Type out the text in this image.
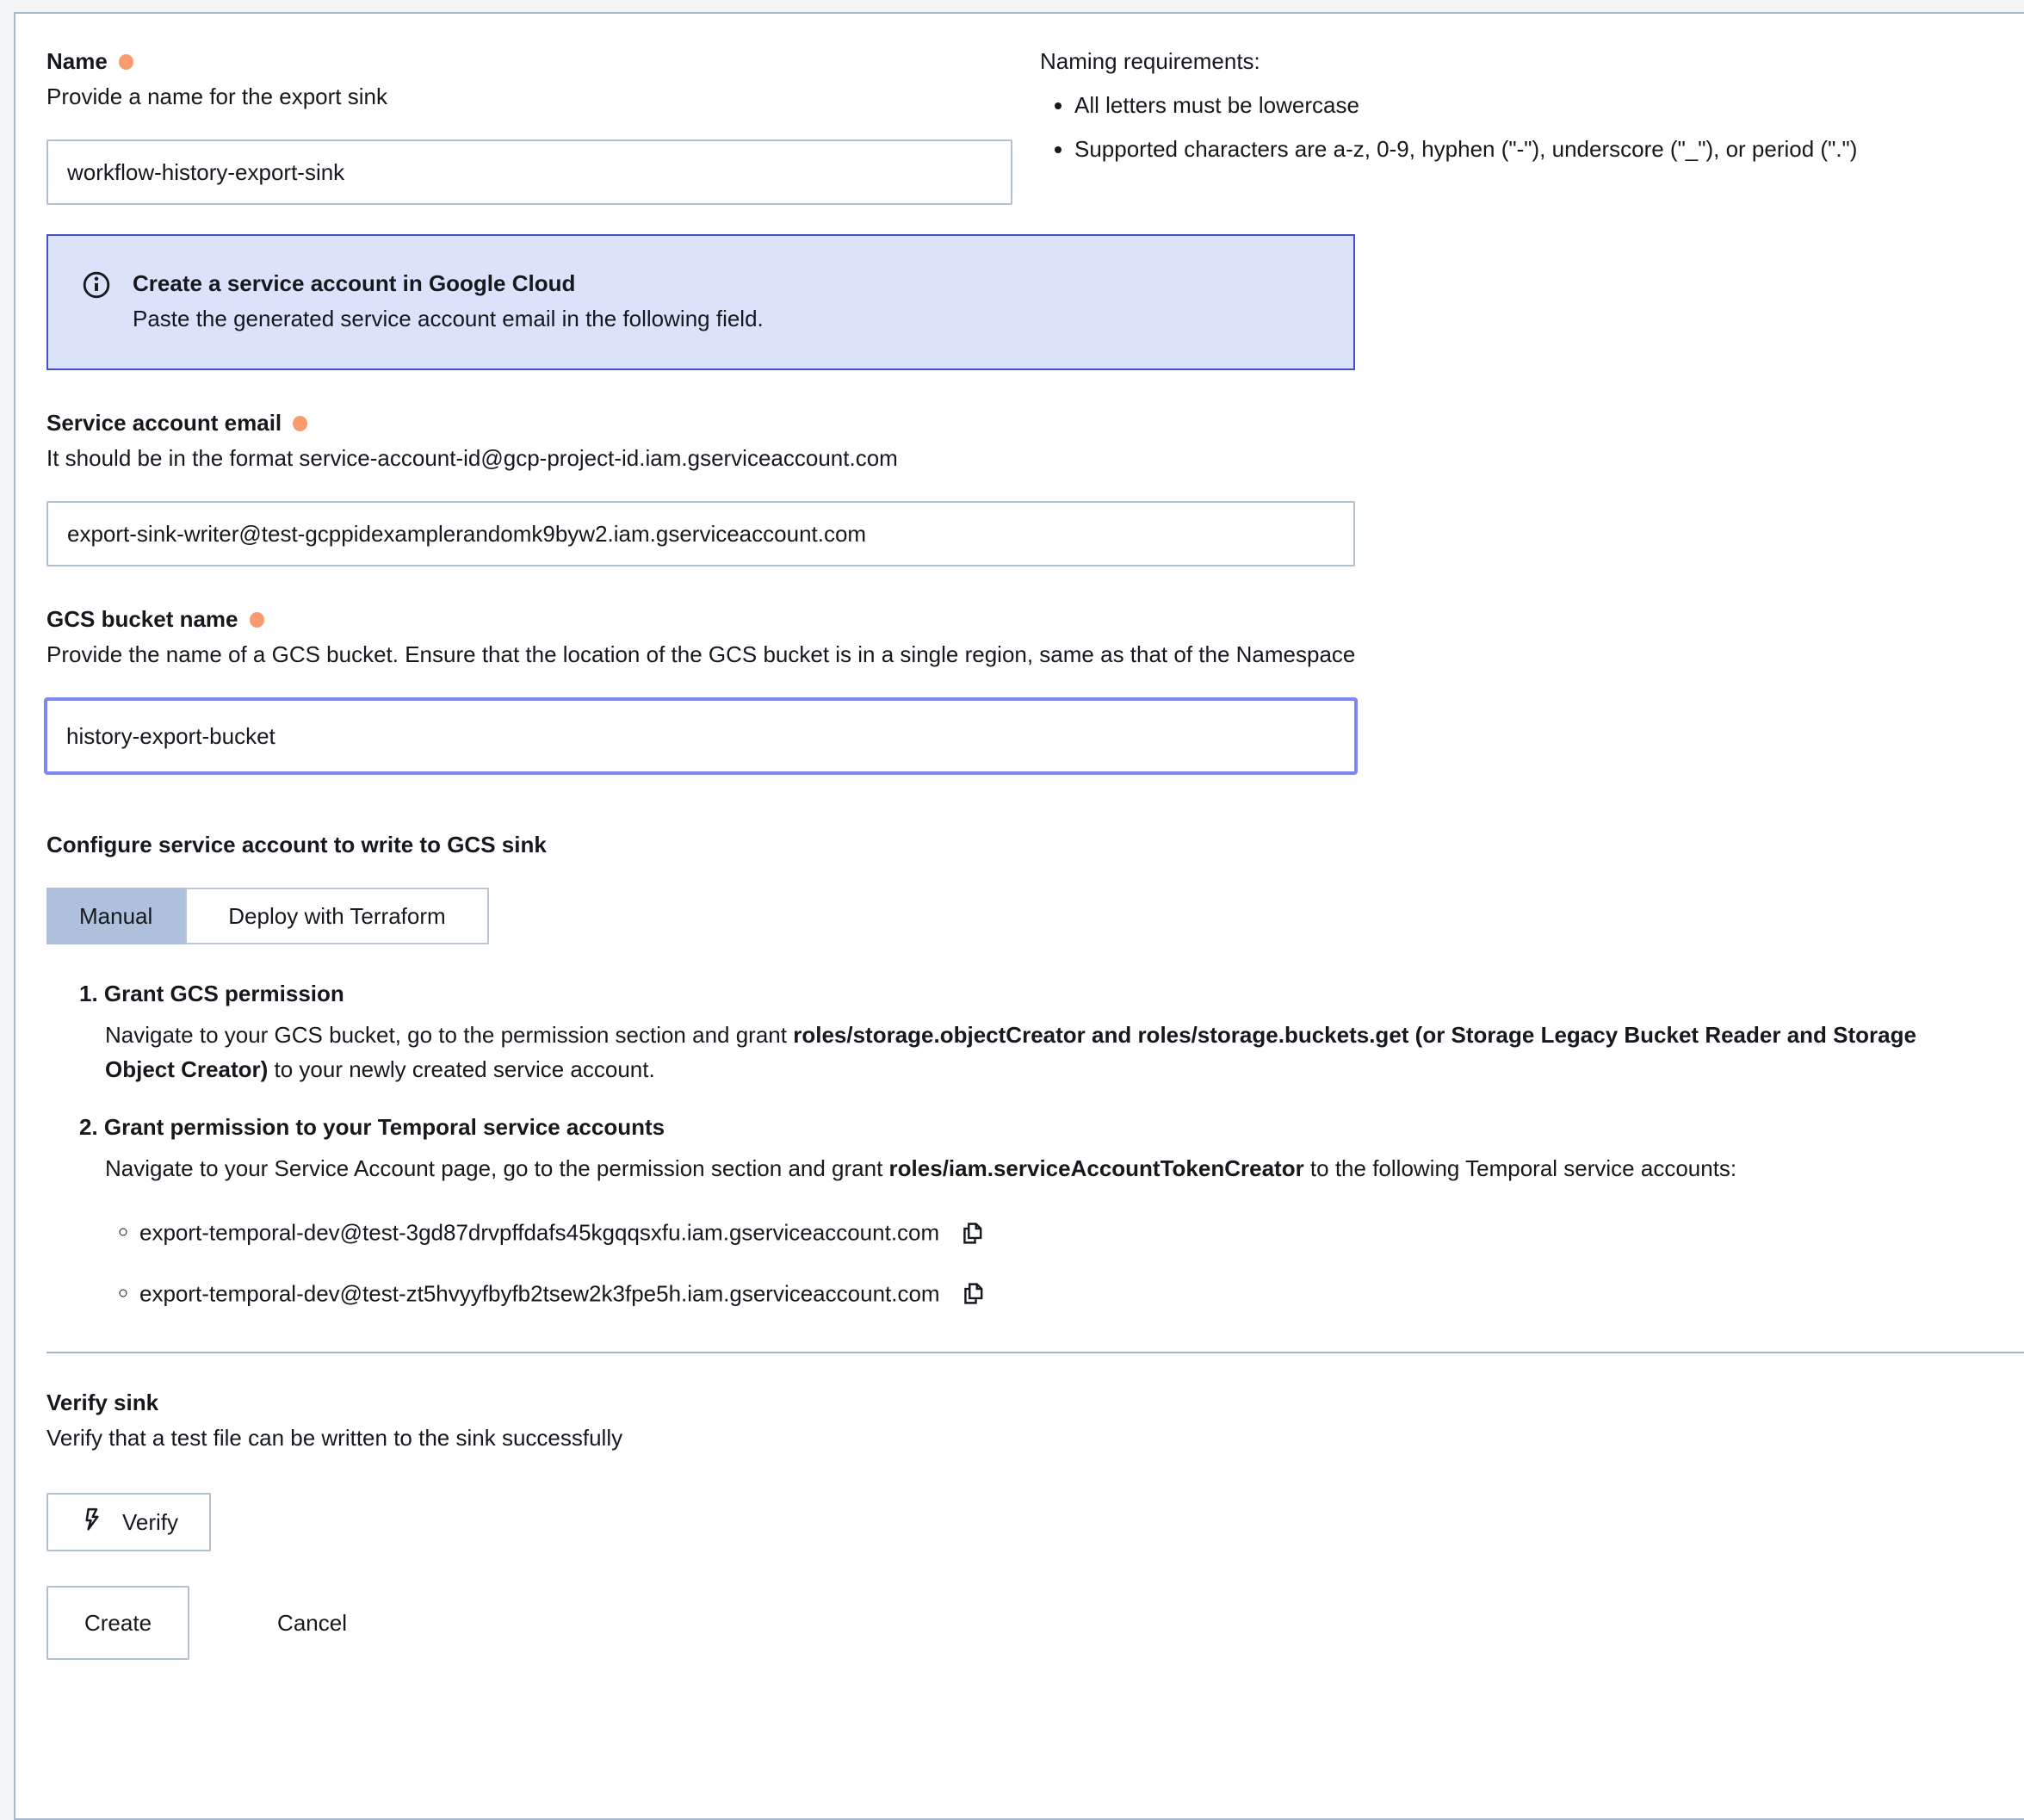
Name
Provide a name for the export sink
workflow-history-export-sink
Naming requirements:
• All letters must be lowercase
• Supported characters are a-z, 0-9, hyphen ("-"), underscore ("_"), or period (".")
Create a service account in Google Cloud
Paste the generated service account email in the following field.
Service account email
It should be in the format service-account-id@gcp-project-id.iam.gserviceaccount.com
export-sink-writer@test-gcppidexamplerandomk9byw2.iam.gserviceaccount.com
GCS bucket name
Provide the name of a GCS bucket. Ensure that the location of the GCS bucket is in a single region, same as that of the Namespace
history-export-bucket
Configure service account to write to GCS sink
Manual	Deploy with Terraform
Grant GCS permission

Navigate to your GCS bucket, go to the permission section and grant roles/storage.objectCreator and roles/storage.buckets.get (or Storage Legacy Bucket Reader and Storage Object Creator) to your newly created service account.

Grant permission to your Temporal service accounts

Navigate to your Service Account page, go to the permission section and grant roles/iam.serviceAccountTokenCreator to the following Temporal service accounts:

◦ export-temporal-dev@test-3gd87drvpffdafs45kgqqsxfu.iam.gserviceaccount.com
◦ export-temporal-dev@test-zt5hvyyfbyfb2tsew2k3fpe5h.iam.gserviceaccount.com
Verify sink
Verify that a test file can be written to the sink successfully
Verify
Create	Cancel
